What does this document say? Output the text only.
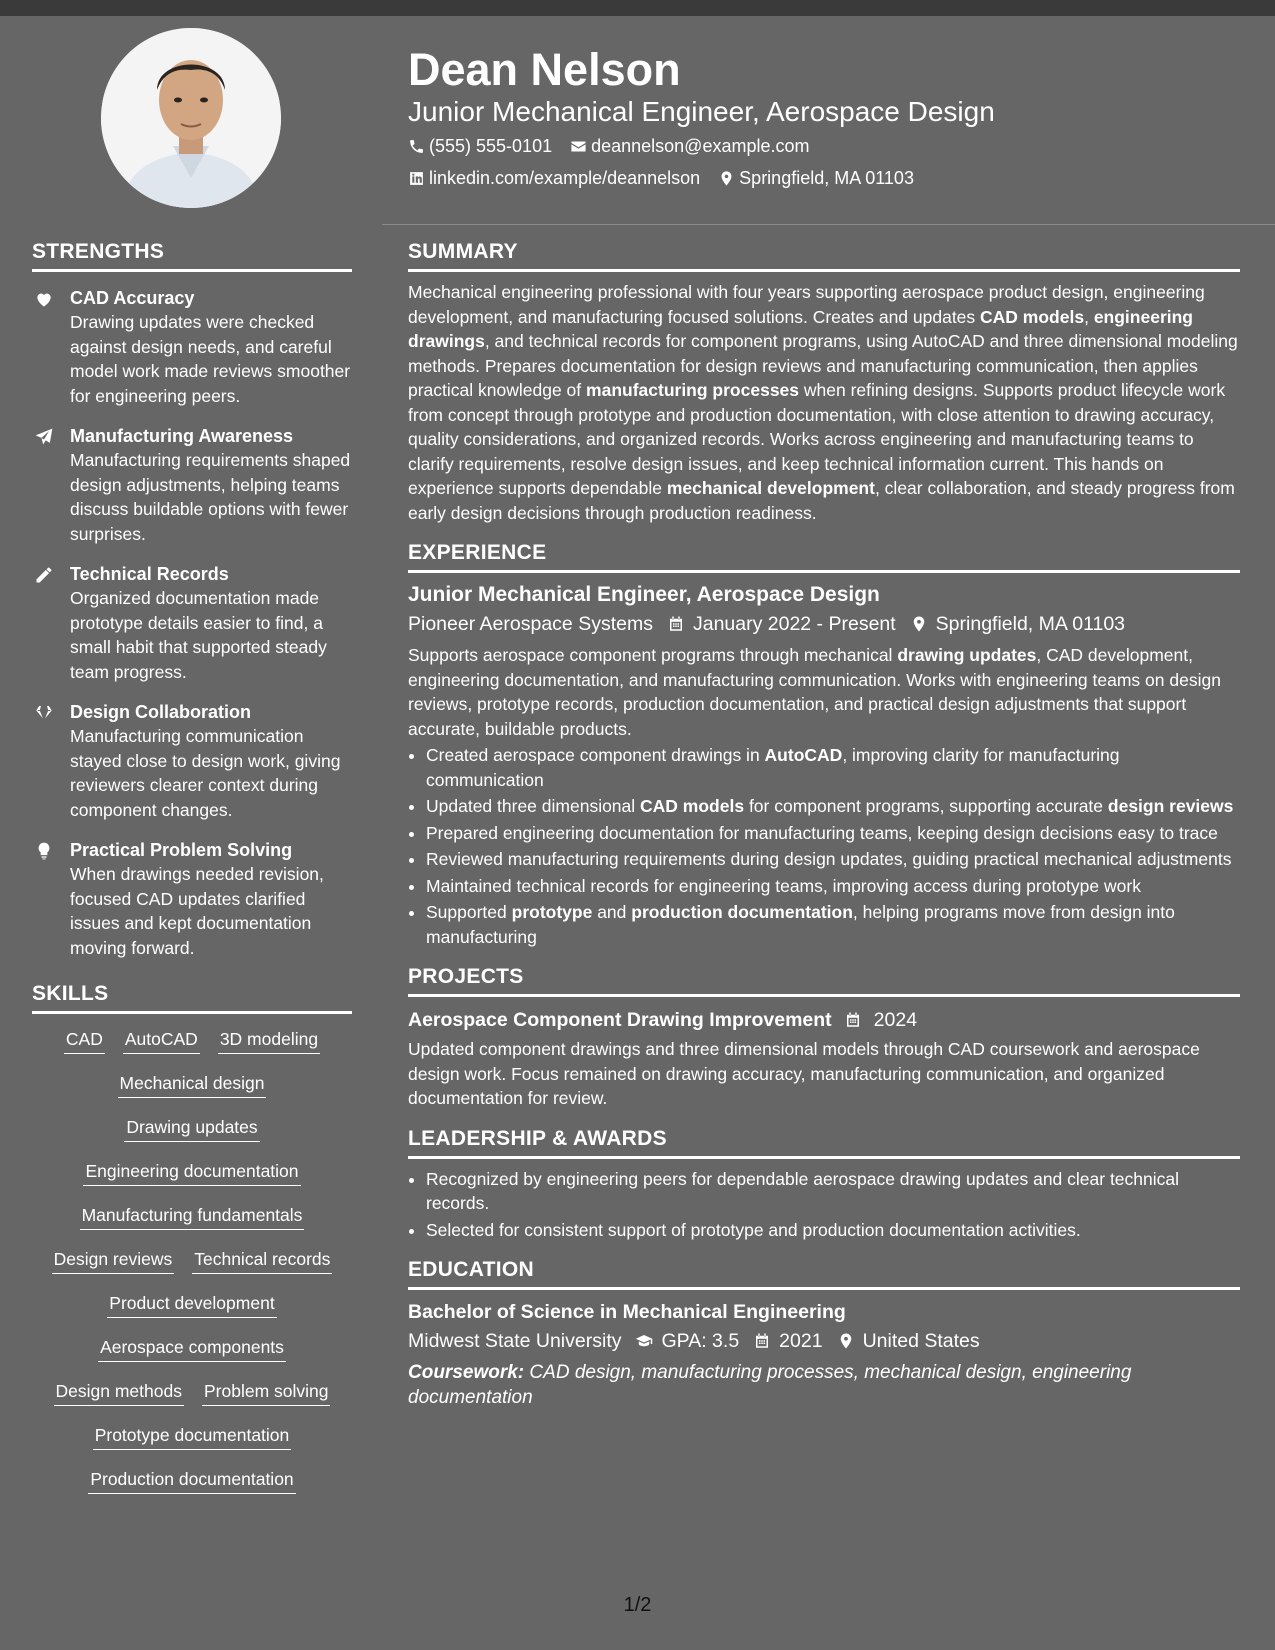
Dean Nelson
Junior Mechanical Engineer, Aerospace Design
(555) 555-0101 deannelson@example.com
linkedin.com/example/deannelson Springfield, MA 01103
STRENGTHS
CAD Accuracy
Drawing updates were checked against design needs, and careful model work made reviews smoother for engineering peers.
Manufacturing Awareness
Manufacturing requirements shaped design adjustments, helping teams discuss buildable options with fewer surprises.
Technical Records
Organized documentation made prototype details easier to find, a small habit that supported steady team progress.
Design Collaboration
Manufacturing communication stayed close to design work, giving reviewers clearer context during component changes.
Practical Problem Solving
When drawings needed revision, focused CAD updates clarified issues and kept documentation moving forward.
SKILLS
CAD AutoCAD 3D modeling
Mechanical design
Drawing updates
Engineering documentation
Manufacturing fundamentals
Design reviews Technical records
Product development
Aerospace components
Design methods Problem solving
Prototype documentation
Production documentation
SUMMARY

Mechanical engineering professional with four years supporting aerospace product design, engineering development, and manufacturing focused solutions. Creates and updates CAD models, engineering drawings, and technical records for component programs, using AutoCAD and three dimensional modeling methods. Prepares documentation for design reviews and manufacturing communication, then applies practical knowledge of manufacturing processes when refining designs. Supports product lifecycle work from concept through prototype and production documentation, with close attention to drawing accuracy, quality considerations, and organized records. Works across engineering and manufacturing teams to clarify requirements, resolve design issues, and keep technical information current. This hands on experience supports dependable mechanical development, clear collaboration, and steady progress from early design decisions through production readiness.

EXPERIENCE
Junior Mechanical Engineer, Aerospace Design
Pioneer Aerospace Systems January 2022 - Present Springfield, MA 01103

Supports aerospace component programs through mechanical drawing updates, CAD development, engineering documentation, and manufacturing communication. Works with engineering teams on design reviews, prototype records, production documentation, and practical design adjustments that support accurate, buildable products.

• Created aerospace component drawings in AutoCAD, improving clarity for manufacturing communication
• Updated three dimensional CAD models for component programs, supporting accurate design reviews
• Prepared engineering documentation for manufacturing teams, keeping design decisions easy to trace
• Reviewed manufacturing requirements during design updates, guiding practical mechanical adjustments
• Maintained technical records for engineering teams, improving access during prototype work
• Supported prototype and production documentation, helping programs move from design into manufacturing
PROJECTS
Aerospace Component Drawing Improvement 2024

Updated component drawings and three dimensional models through CAD coursework and aerospace design work. Focus remained on drawing accuracy, manufacturing communication, and organized documentation for review.

LEADERSHIP & AWARDS
• Recognized by engineering peers for dependable aerospace drawing updates and clear technical records.
• Selected for consistent support of prototype and production documentation activities.
EDUCATION
Bachelor of Science in Mechanical Engineering
Midwest State University GPA: 3.5 2021 United States
Coursework: CAD design, manufacturing processes, mechanical design, engineering documentation
1/2
